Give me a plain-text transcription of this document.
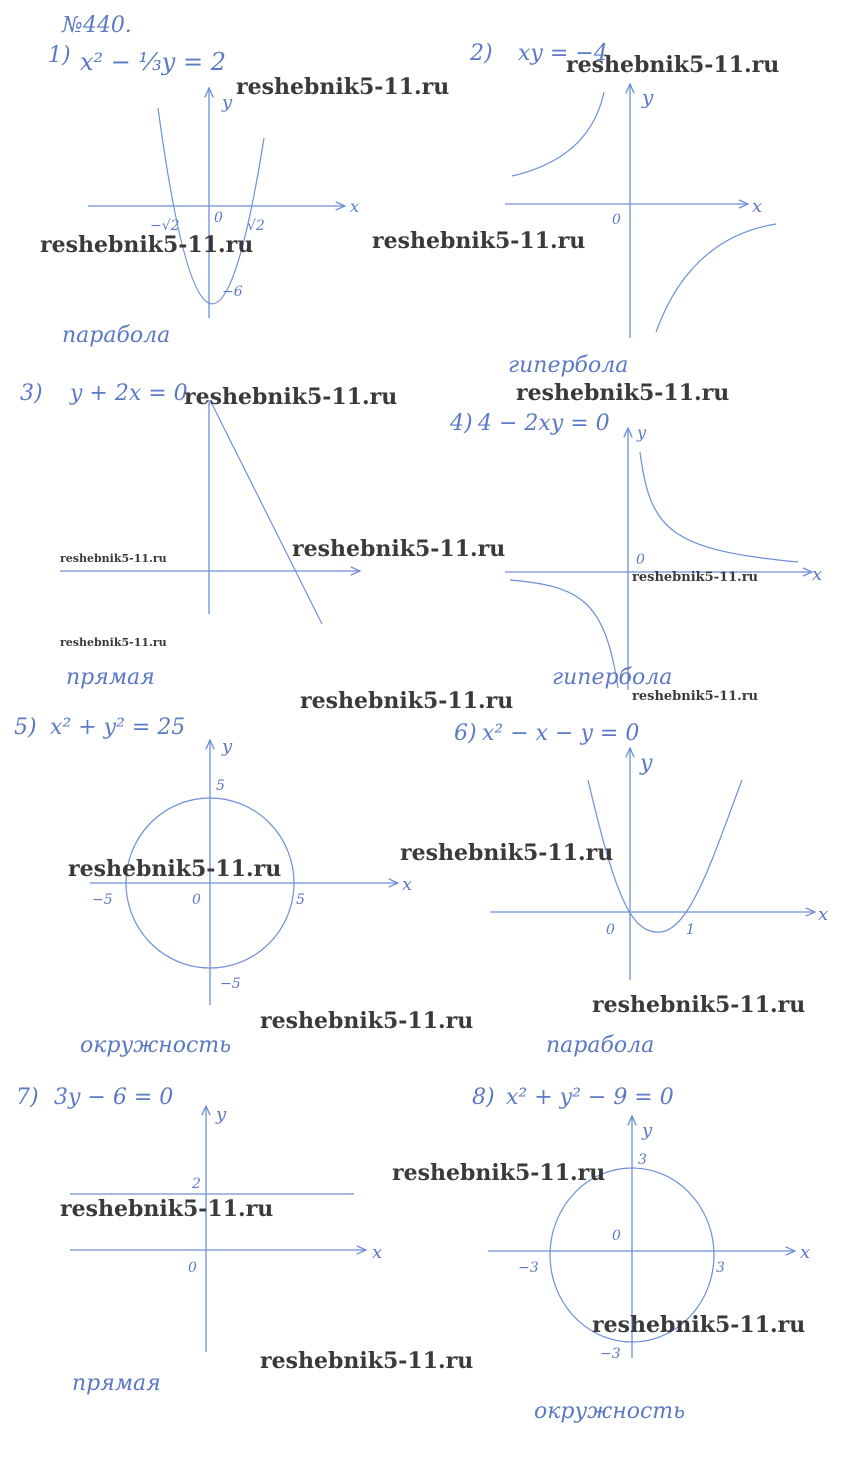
№440.
1) x² − ⅓y = 2
x
y
−√2 0 √2
−6
парабола
2) xy = −4
x
y
0
гипербола
3) y + 2x = 0
прямая
4) 4 − 2xy = 0
x
y
0
гипербола
5) x² + y² = 25
x
y
5
−5	0	5
−5
окружность
6) x² − x − y = 0
x
y
0	1
парабола
7) 3y − 6 = 0
x
y
2
0
прямая
8) x² + y² − 9 = 0
x
y
3
0
−3	3
−3
окружность
reshebnik5-11.ru
reshebnik5-11.ru
reshebnik5-11.ru	reshebnik5-11.ru
reshebnik5-11.ru	reshebnik5-11.ru
reshebnik5-11.ru
reshebnik5-11.ru
reshebnik5-11.ru
reshebnik5-11.ru
reshebnik5-11.ru	reshebnik5-11.ru
reshebnik5-11.ru
reshebnik5-11.ru
reshebnik5-11.ru
reshebnik5-11.ru
reshebnik5-11.ru
reshebnik5-11.ru
reshebnik5-11.ru
reshebnik5-11.ru
